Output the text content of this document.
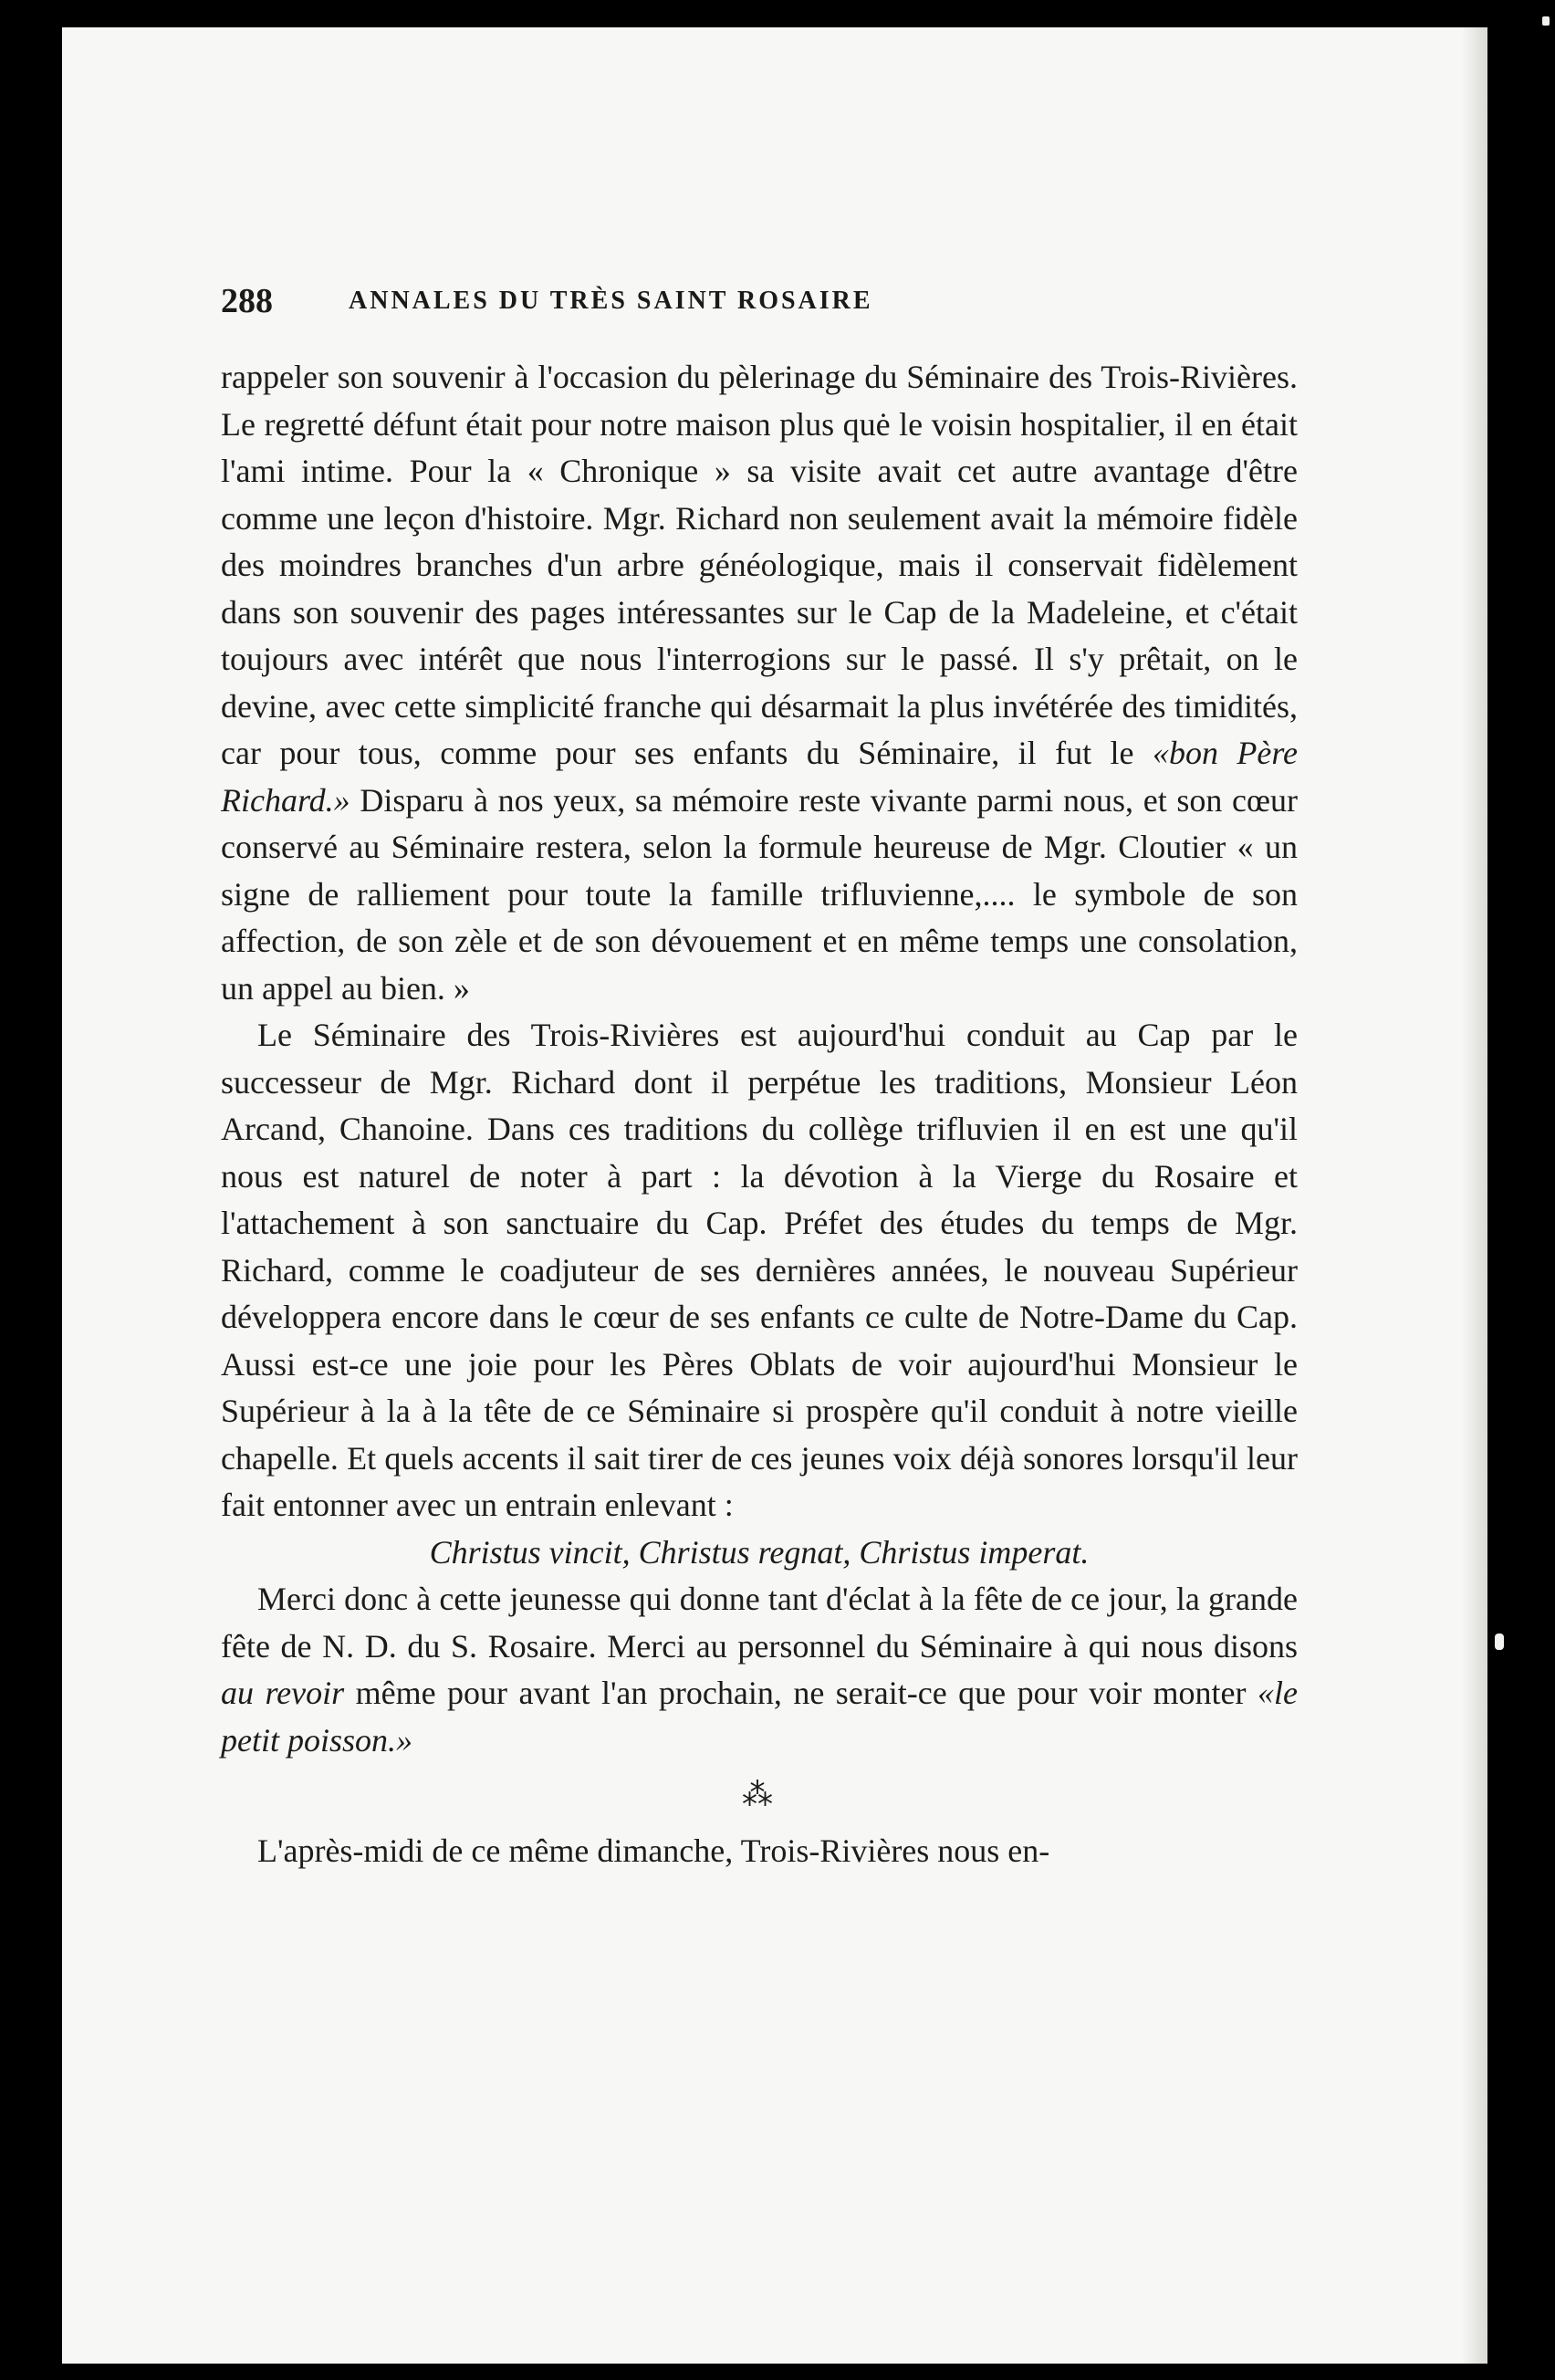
288	ANNALES DU TRÈS SAINT ROSAIRE

rappeler son souvenir à l'occasion du pèlerinage du Séminaire des Trois-Rivières. Le regretté défunt était pour notre maison plus quė le voisin hospitalier, il en était l'ami intime. Pour la « Chronique » sa visite avait cet autre avantage d'être comme une leçon d'histoire. Mgr. Richard non seulement avait la mémoire fidèle des moindres branches d'un arbre généologique, mais il conservait fidèlement dans son souvenir des pages intéressantes sur le Cap de la Madeleine, et c'était toujours avec intérêt que nous l'interrogions sur le passé. Il s'y prêtait, on le devine, avec cette simplicité franche qui désarmait la plus invétérée des timidités, car pour tous, comme pour ses enfants du Séminaire, il fut le «bon Père Richard.» Disparu à nos yeux, sa mémoire reste vivante parmi nous, et son cœur conservé au Séminaire restera, selon la formule heureuse de Mgr. Cloutier « un signe de ralliement pour toute la famille trifluvienne,.... le symbole de son affection, de son zèle et de son dévouement et en même temps une consolation, un appel au bien. »

Le Séminaire des Trois-Rivières est aujourd'hui conduit au Cap par le successeur de Mgr. Richard dont il perpétue les traditions, Monsieur Léon Arcand, Chanoine. Dans ces traditions du collège trifluvien il en est une qu'il nous est naturel de noter à part : la dévotion à la Vierge du Rosaire et l'attachement à son sanctuaire du Cap. Préfet des études du temps de Mgr. Richard, comme le coadjuteur de ses dernières années, le nouveau Supérieur développera encore dans le cœur de ses enfants ce culte de Notre-Dame du Cap. Aussi est-ce une joie pour les Pères Oblats de voir aujourd'hui Monsieur le Supérieur à la à la tête de ce Séminaire si prospère qu'il conduit à notre vieille chapelle. Et quels accents il sait tirer de ces jeunes voix déjà sonores lorsqu'il leur fait entonner avec un entrain enlevant :

Christus vincit, Christus regnat, Christus imperat.

Merci donc à cette jeunesse qui donne tant d'éclat à la fête de ce jour, la grande fête de N. D. du S. Rosaire. Merci au personnel du Séminaire à qui nous disons au revoir même pour avant l'an prochain, ne serait-ce que pour voir monter «le petit poisson.»

⁂

L'après-midi de ce même dimanche, Trois-Rivières nous en-
